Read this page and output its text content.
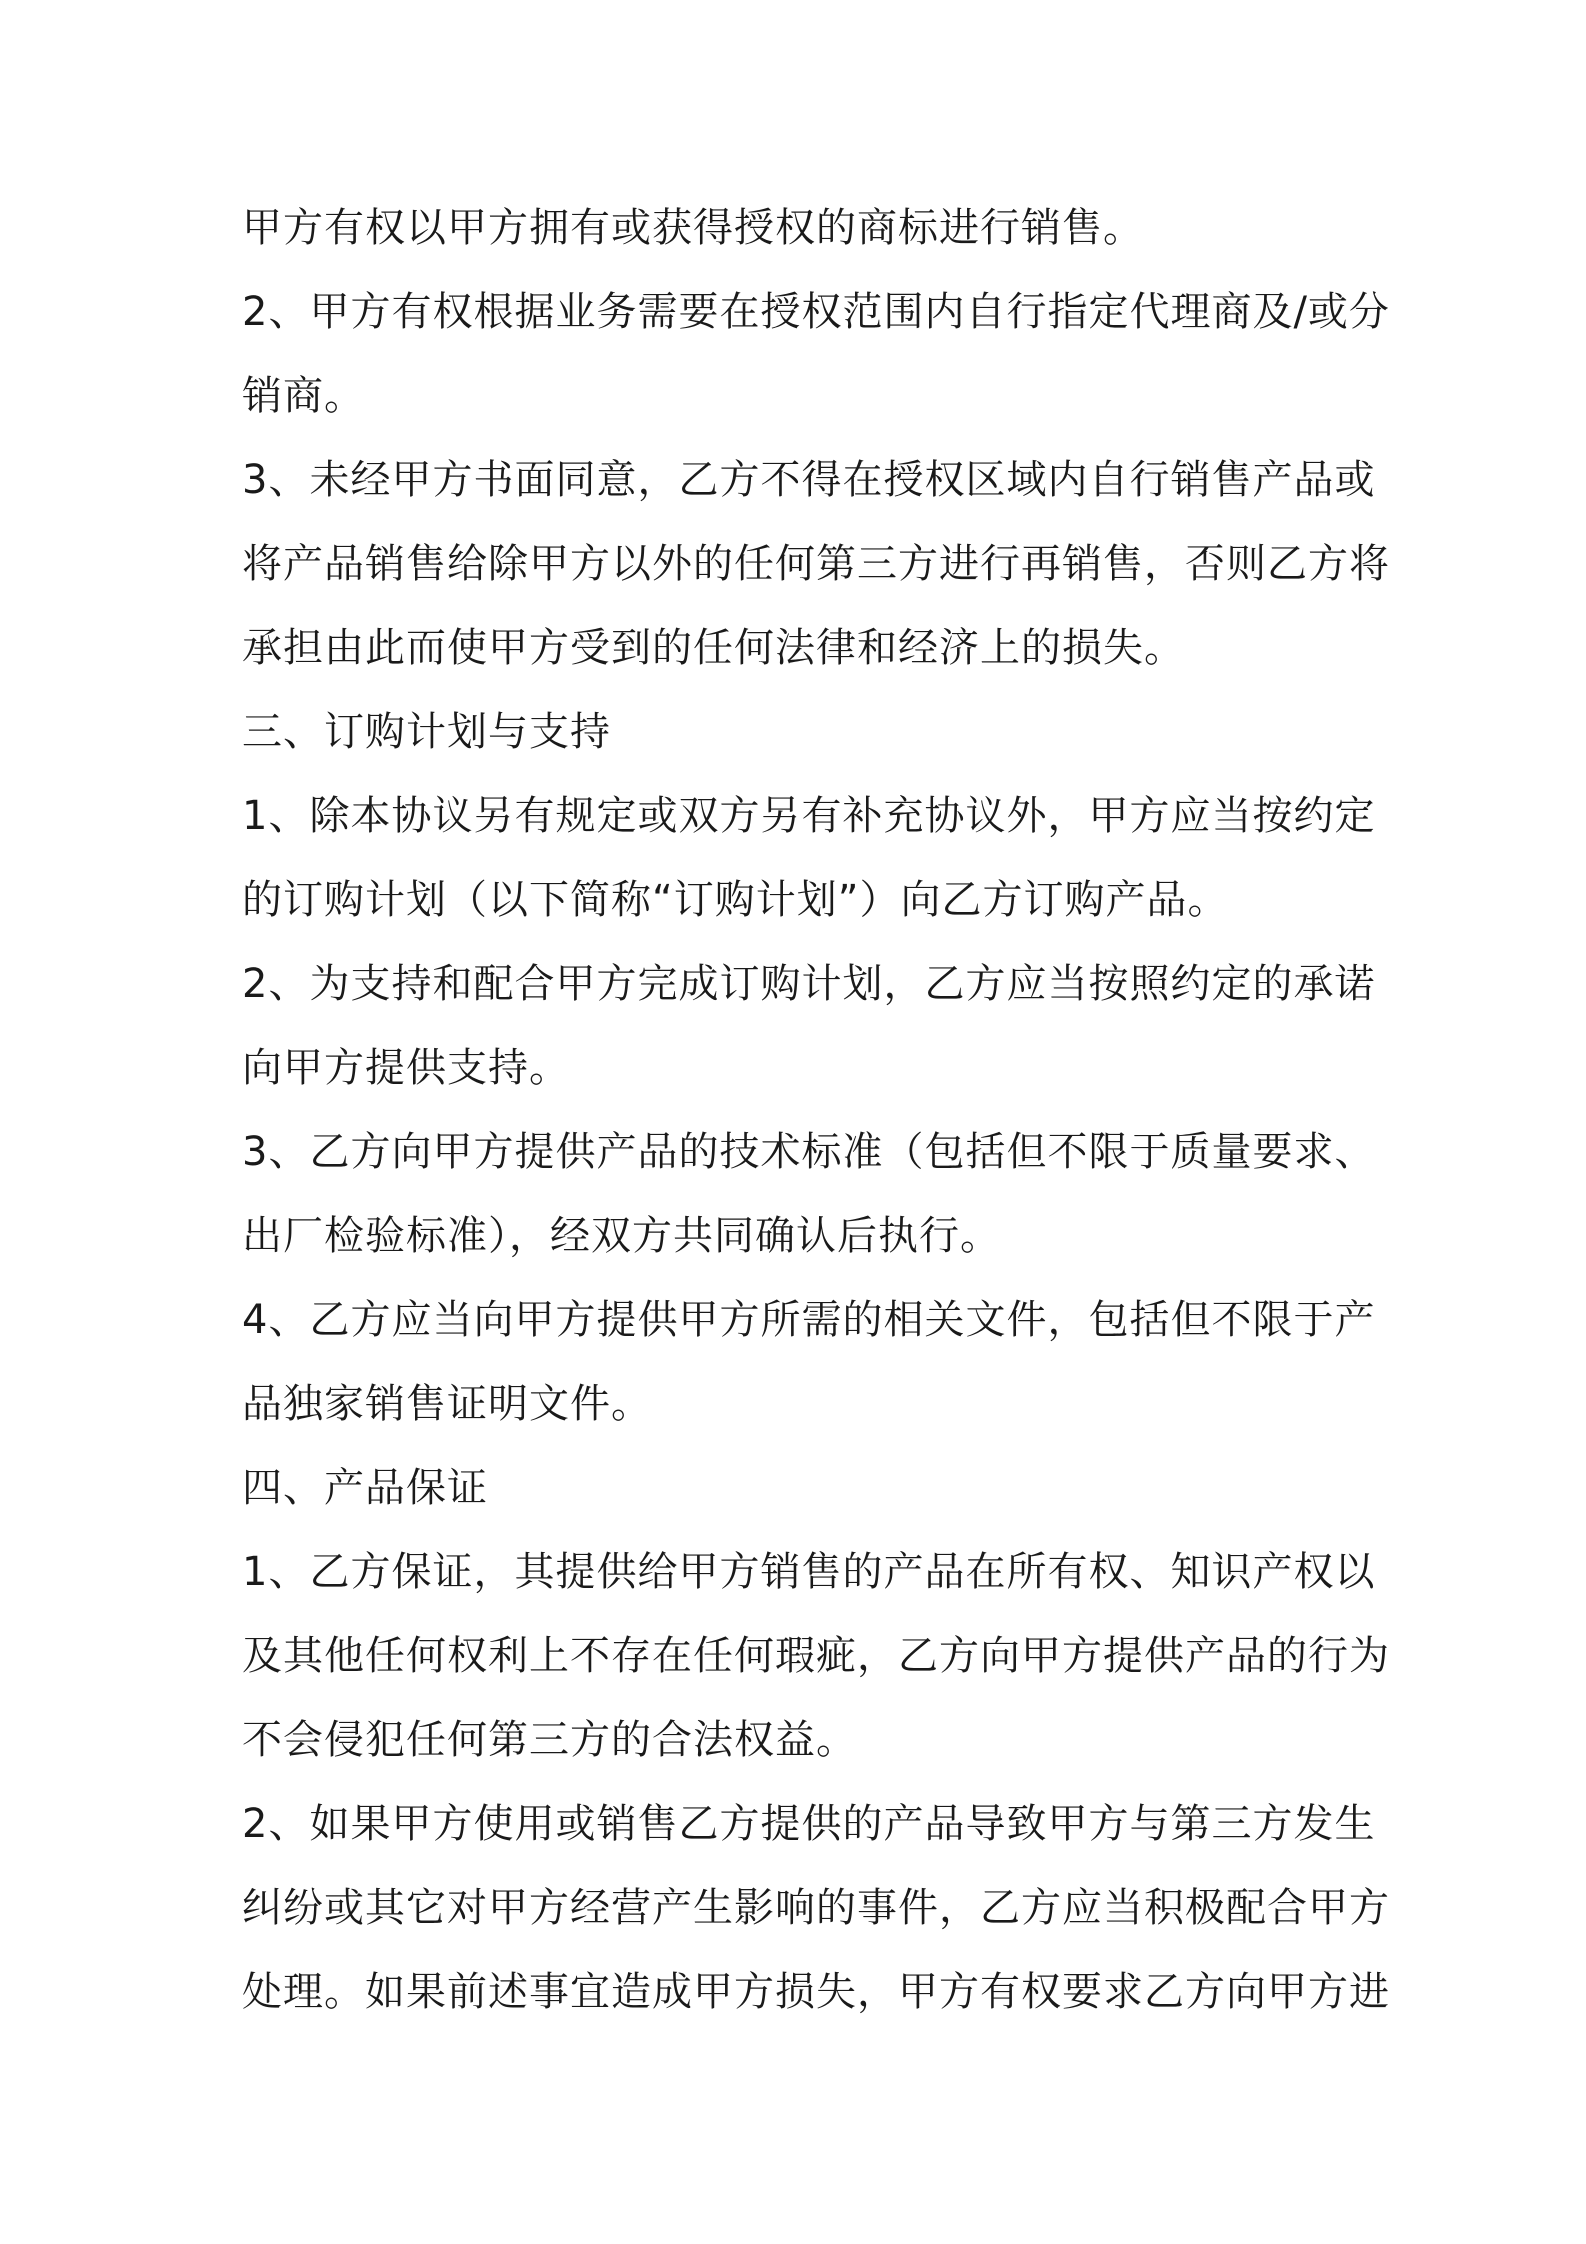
甲方有权以甲方拥有或获得授权的商标进行销售。
2、甲方有权根据业务需要在授权范围内自行指定代理商及/或分
销商。
3、未经甲方书面同意，乙方不得在授权区域内自行销售产品或
将产品销售给除甲方以外的任何第三方进行再销售，否则乙方将
承担由此而使甲方受到的任何法律和经济上的损失。
三、订购计划与支持
1、除本协议另有规定或双方另有补充协议外，甲方应当按约定
的订购计划（以下简称“订购计划”）向乙方订购产品。
2、为支持和配合甲方完成订购计划，乙方应当按照约定的承诺
向甲方提供支持。
3、乙方向甲方提供产品的技术标准（包括但不限于质量要求、
出厂检验标准），经双方共同确认后执行。
4、乙方应当向甲方提供甲方所需的相关文件，包括但不限于产
品独家销售证明文件。
四、产品保证
1、乙方保证，其提供给甲方销售的产品在所有权、知识产权以
及其他任何权利上不存在任何瑕疵，乙方向甲方提供产品的行为
不会侵犯任何第三方的合法权益。
2、如果甲方使用或销售乙方提供的产品导致甲方与第三方发生
纠纷或其它对甲方经营产生影响的事件，乙方应当积极配合甲方
处理。如果前述事宜造成甲方损失，甲方有权要求乙方向甲方进
